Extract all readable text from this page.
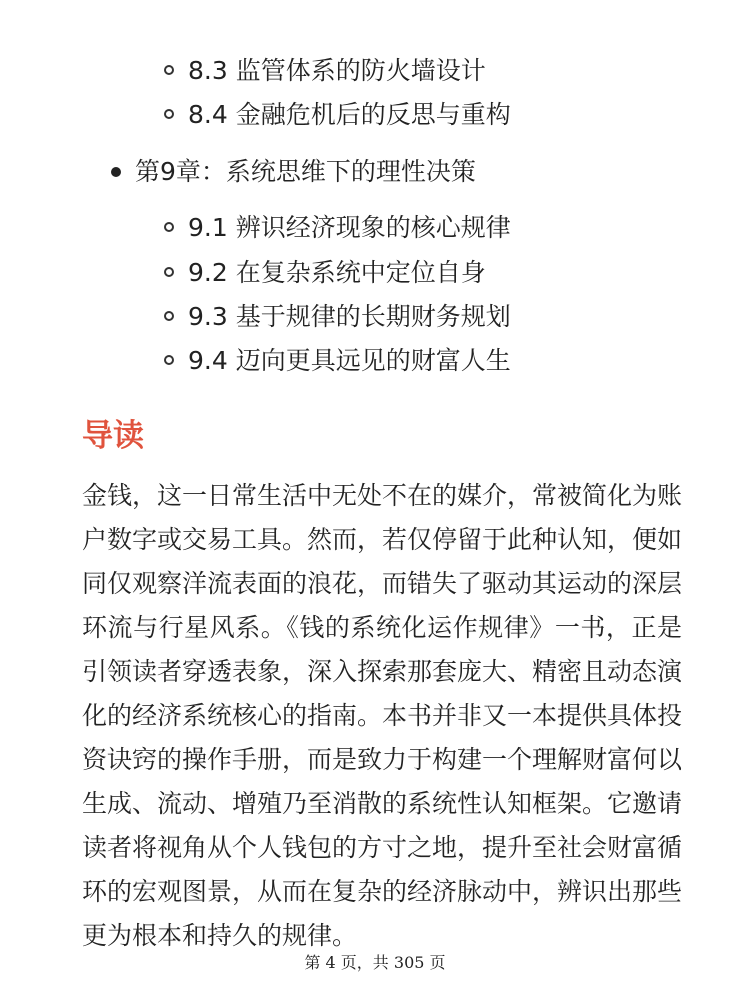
8.3 监管体系的防火墙设计
8.4 金融危机后的反思与重构
第9章：系统思维下的理性决策
9.1 辨识经济现象的核心规律
9.2 在复杂系统中定位自身
9.3 基于规律的长期财务规划
9.4 迈向更具远见的财富人生
导读

金钱，这一日常生活中无处不在的媒介，常被简化为账户数字或交易工具。然而，若仅停留于此种认知，便如同仅观察洋流表面的浪花，而错失了驱动其运动的深层环流与行星风系。《钱的系统化运作规律》一书，正是引领读者穿透表象，深入探索那套庞大、精密且动态演化的经济系统核心的指南。本书并非又一本提供具体投资诀窍的操作手册，而是致力于构建一个理解财富何以生成、流动、增殖乃至消散的系统性认知框架。它邀请读者将视角从个人钱包的方寸之地，提升至社会财富循环的宏观图景，从而在复杂的经济脉动中，辨识出那些更为根本和持久的规律。

第 4 页，共 305 页
